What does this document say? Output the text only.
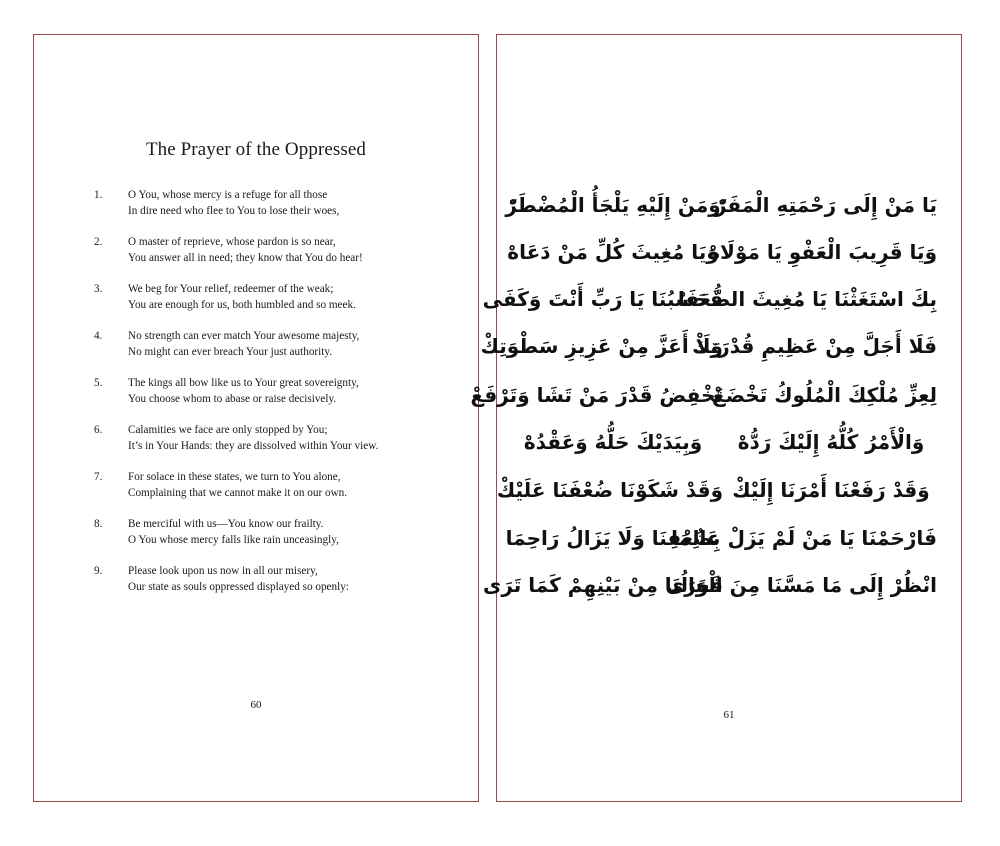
The Prayer of the Oppressed
1.	O You, whose mercy is a refuge for all those
In dire need who flee to You to lose their woes,
2.	O master of reprieve, whose pardon is so near,
You answer all in need; they know that You do hear!
3.	We beg for Your relief, redeemer of the weak;
You are enough for us, both humbled and so meek.
4.	No strength can ever match Your awesome majesty,
No might can ever breach Your just authority.
5.	The kings all bow like us to Your great sovereignty,
You choose whom to abase or raise decisively.
6.	Calamities we face are only stopped by You;
It’s in Your Hands: they are dissolved within Your view.
7.	For solace in these states, we turn to You alone,
Complaining that we cannot make it on our own.
8.	Be merciful with us—You know our frailty.
O You whose mercy falls like rain unceasingly,
9.	Please look upon us now in all our misery,
Our state as souls oppressed displayed so openly:
60
يَا مَنْ إِلَى رَحْمَتِهِ الْمَفَرّْ
وَمَنْ إِلَيْهِ يَلْجَأُ الْمُضْطَرّْ
وَيَا قَرِيبَ الْعَفْوِ يَا مَوْلَاهْ
وَيَا مُغِيثَ كُلِّ مَنْ دَعَاهْ
بِكَ اسْتَغَثْنَا يَا مُغِيثَ الضُّعَفَا
فَحَسْبُنَا يَا رَبِّ أَنْتَ وَكَفَى
فَلَا أَجَلَّ مِنْ عَظِيمِ قُدْرَتِكْ
وَلَا أَعَزَّ مِنْ عَزِيزِ سَطْوَتِكْ
لِعِزِّ مُلْكِكَ الْمُلُوكُ تَخْضَعْ
تَخْفِضُ قَدْرَ مَنْ تَشَا وَتَرْفَعْ
وَالْأَمْرُ كُلُّهُ إِلَيْكَ رَدُّهْ
وَبِيَدَيْكَ حَلُّهُ وَعَقْدُهْ
وَقَدْ رَفَعْنَا أَمْرَنَا إِلَيْكْ
وَقَدْ شَكَوْنَا ضُعْفَنَا عَلَيْكْ
فَارْحَمْنَا يَا مَنْ لَمْ يَزَلْ عَالِمَا
بِضُعْفِنَا وَلَا يَزَالُ رَاحِمَا
انْظُرْ إِلَى مَا مَسَّنَا مِنَ الْوَرَى
فَحَالُنَا مِنْ بَيْنِهِمْ كَمَا تَرَى
61
